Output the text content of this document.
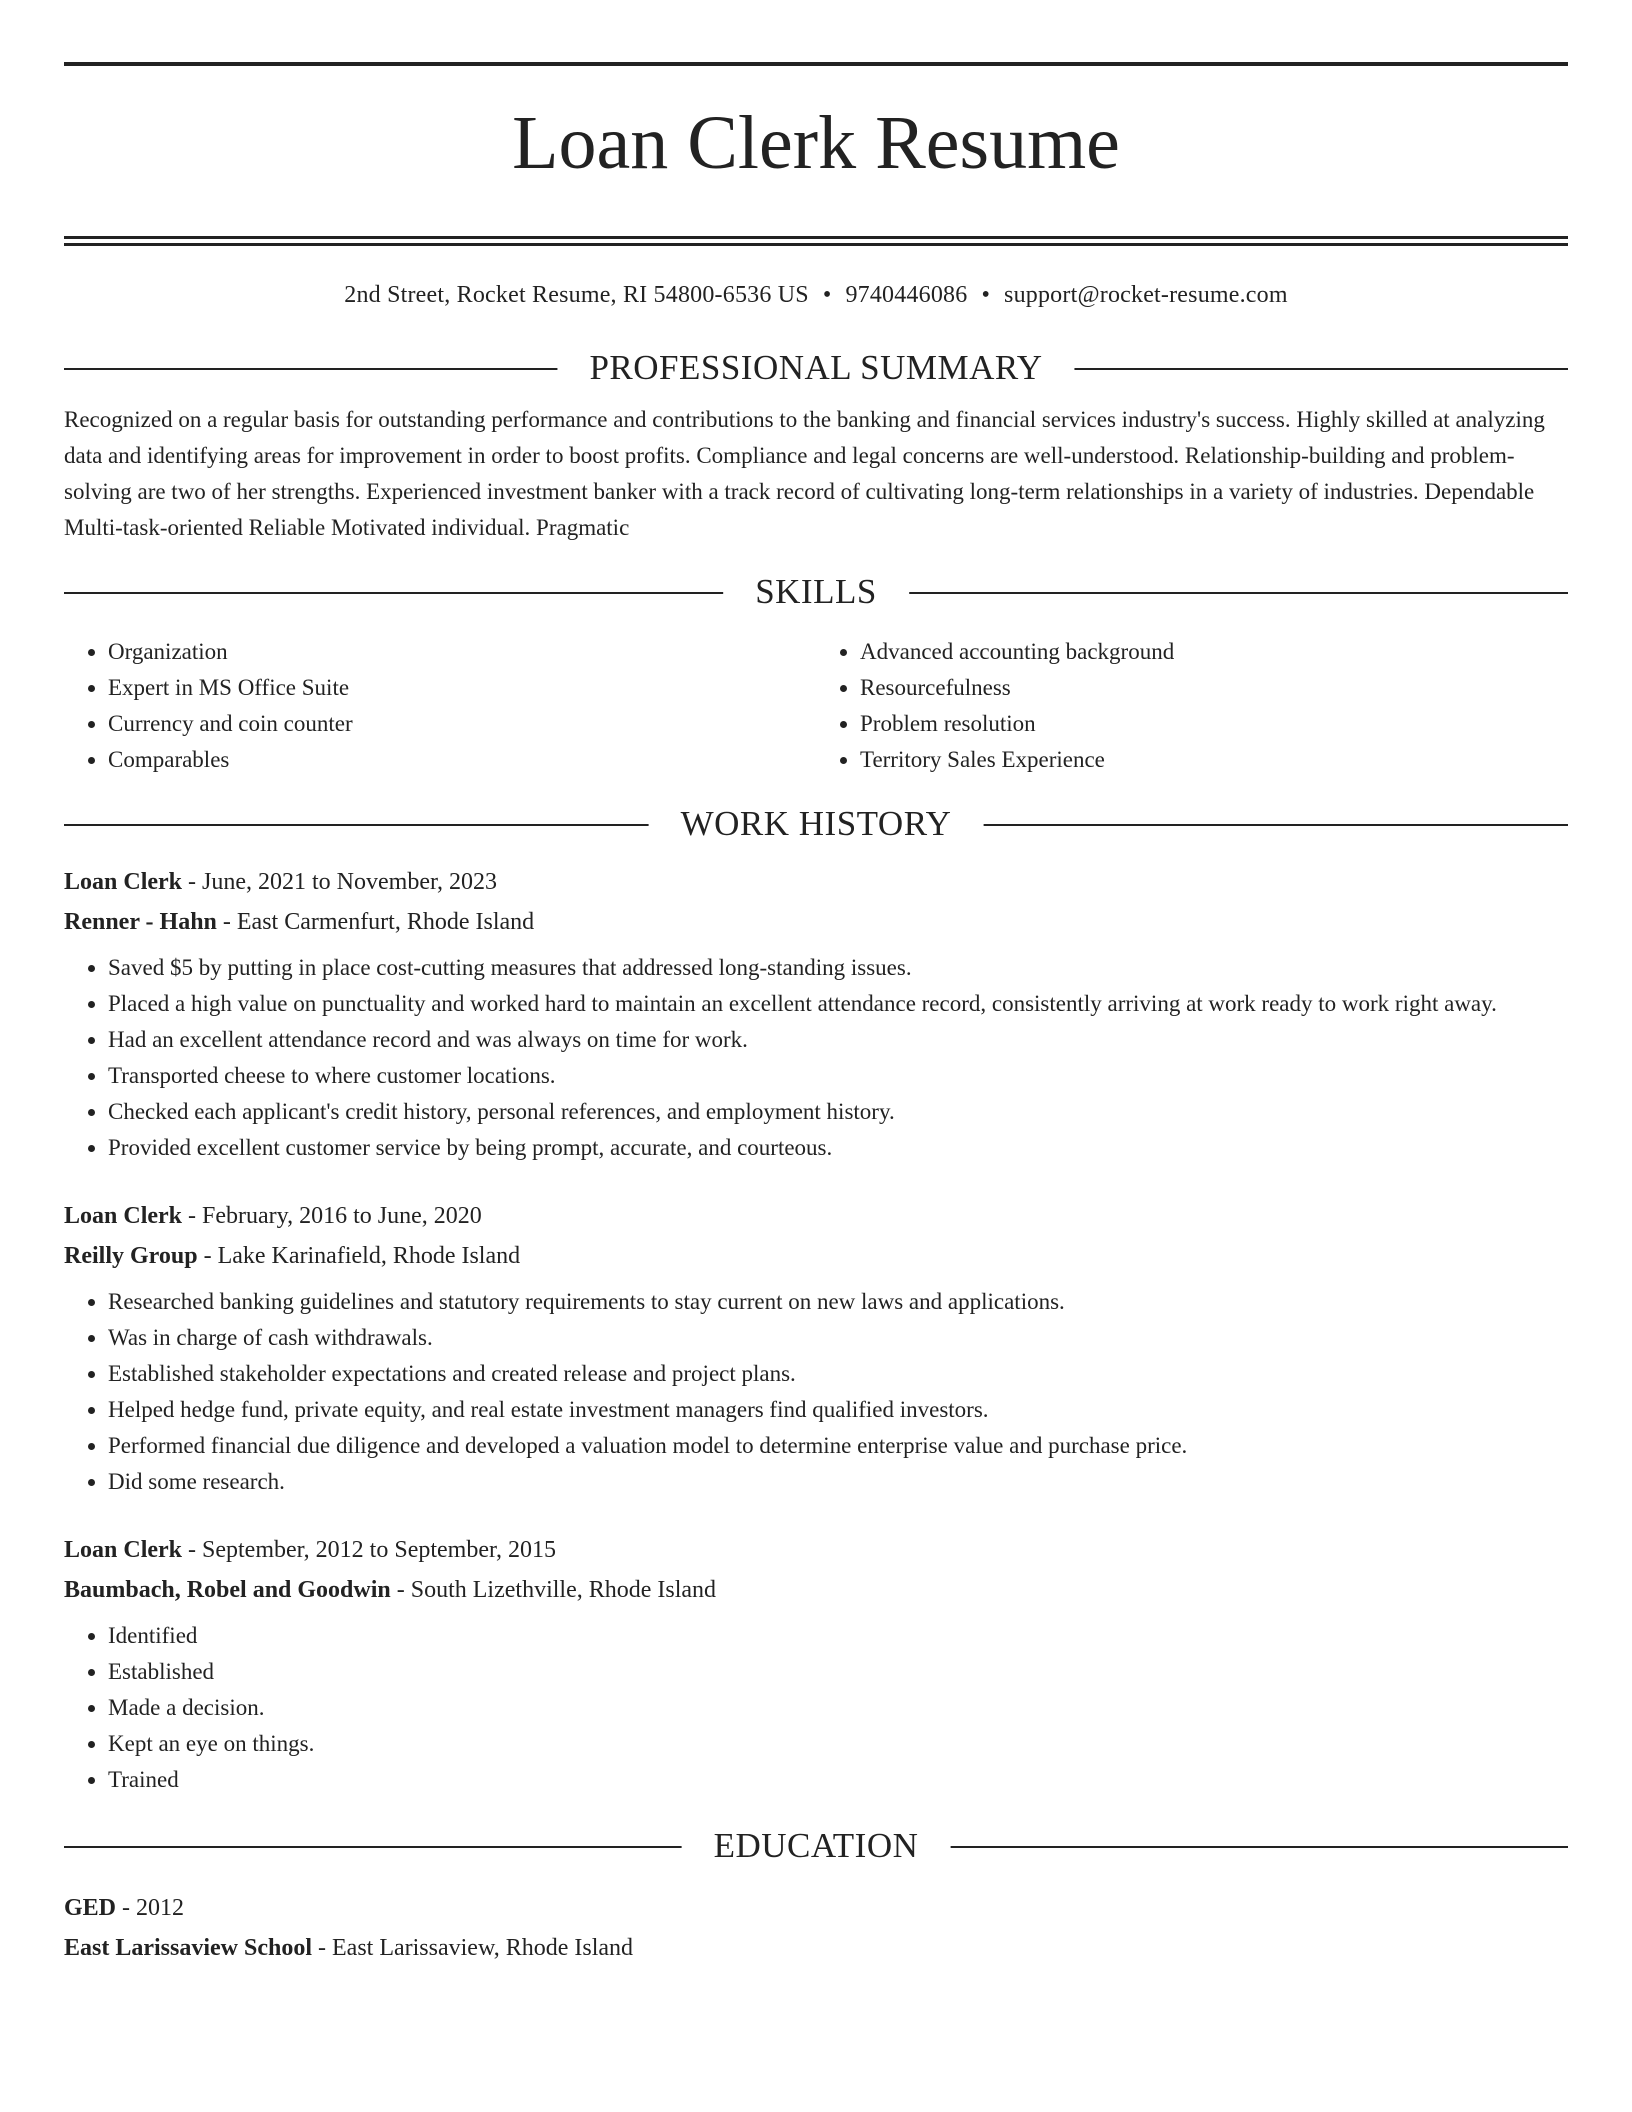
Loan Clerk Resume
2nd Street, Rocket Resume, RI 54800-6536 US • 9740446086 • support@rocket-resume.com
PROFESSIONAL SUMMARY

Recognized on a regular basis for outstanding performance and contributions to the banking and financial services industry's success. Highly skilled at analyzing data and identifying areas for improvement in order to boost profits. Compliance and legal concerns are well-understood. Relationship-building and problem-solving are two of her strengths. Experienced investment banker with a track record of cultivating long-term relationships in a variety of industries. Dependable Multi-task-oriented Reliable Motivated individual. Pragmatic

SKILLS
• Organization
• Expert in MS Office Suite
• Currency and coin counter
• Comparables
• Advanced accounting background
• Resourcefulness
• Problem resolution
• Territory Sales Experience
WORK HISTORY
Loan Clerk - June, 2021 to November, 2023
Renner - Hahn - East Carmenfurt, Rhode Island
• Saved $5 by putting in place cost-cutting measures that addressed long-standing issues.
• Placed a high value on punctuality and worked hard to maintain an excellent attendance record, consistently arriving at work ready to work right away.
• Had an excellent attendance record and was always on time for work.
• Transported cheese to where customer locations.
• Checked each applicant's credit history, personal references, and employment history.
• Provided excellent customer service by being prompt, accurate, and courteous.
Loan Clerk - February, 2016 to June, 2020
Reilly Group - Lake Karinafield, Rhode Island
• Researched banking guidelines and statutory requirements to stay current on new laws and applications.
• Was in charge of cash withdrawals.
• Established stakeholder expectations and created release and project plans.
• Helped hedge fund, private equity, and real estate investment managers find qualified investors.
• Performed financial due diligence and developed a valuation model to determine enterprise value and purchase price.
• Did some research.
Loan Clerk - September, 2012 to September, 2015
Baumbach, Robel and Goodwin - South Lizethville, Rhode Island
• Identified
• Established
• Made a decision.
• Kept an eye on things.
• Trained
EDUCATION
GED - 2012
East Larissaview School - East Larissaview, Rhode Island
